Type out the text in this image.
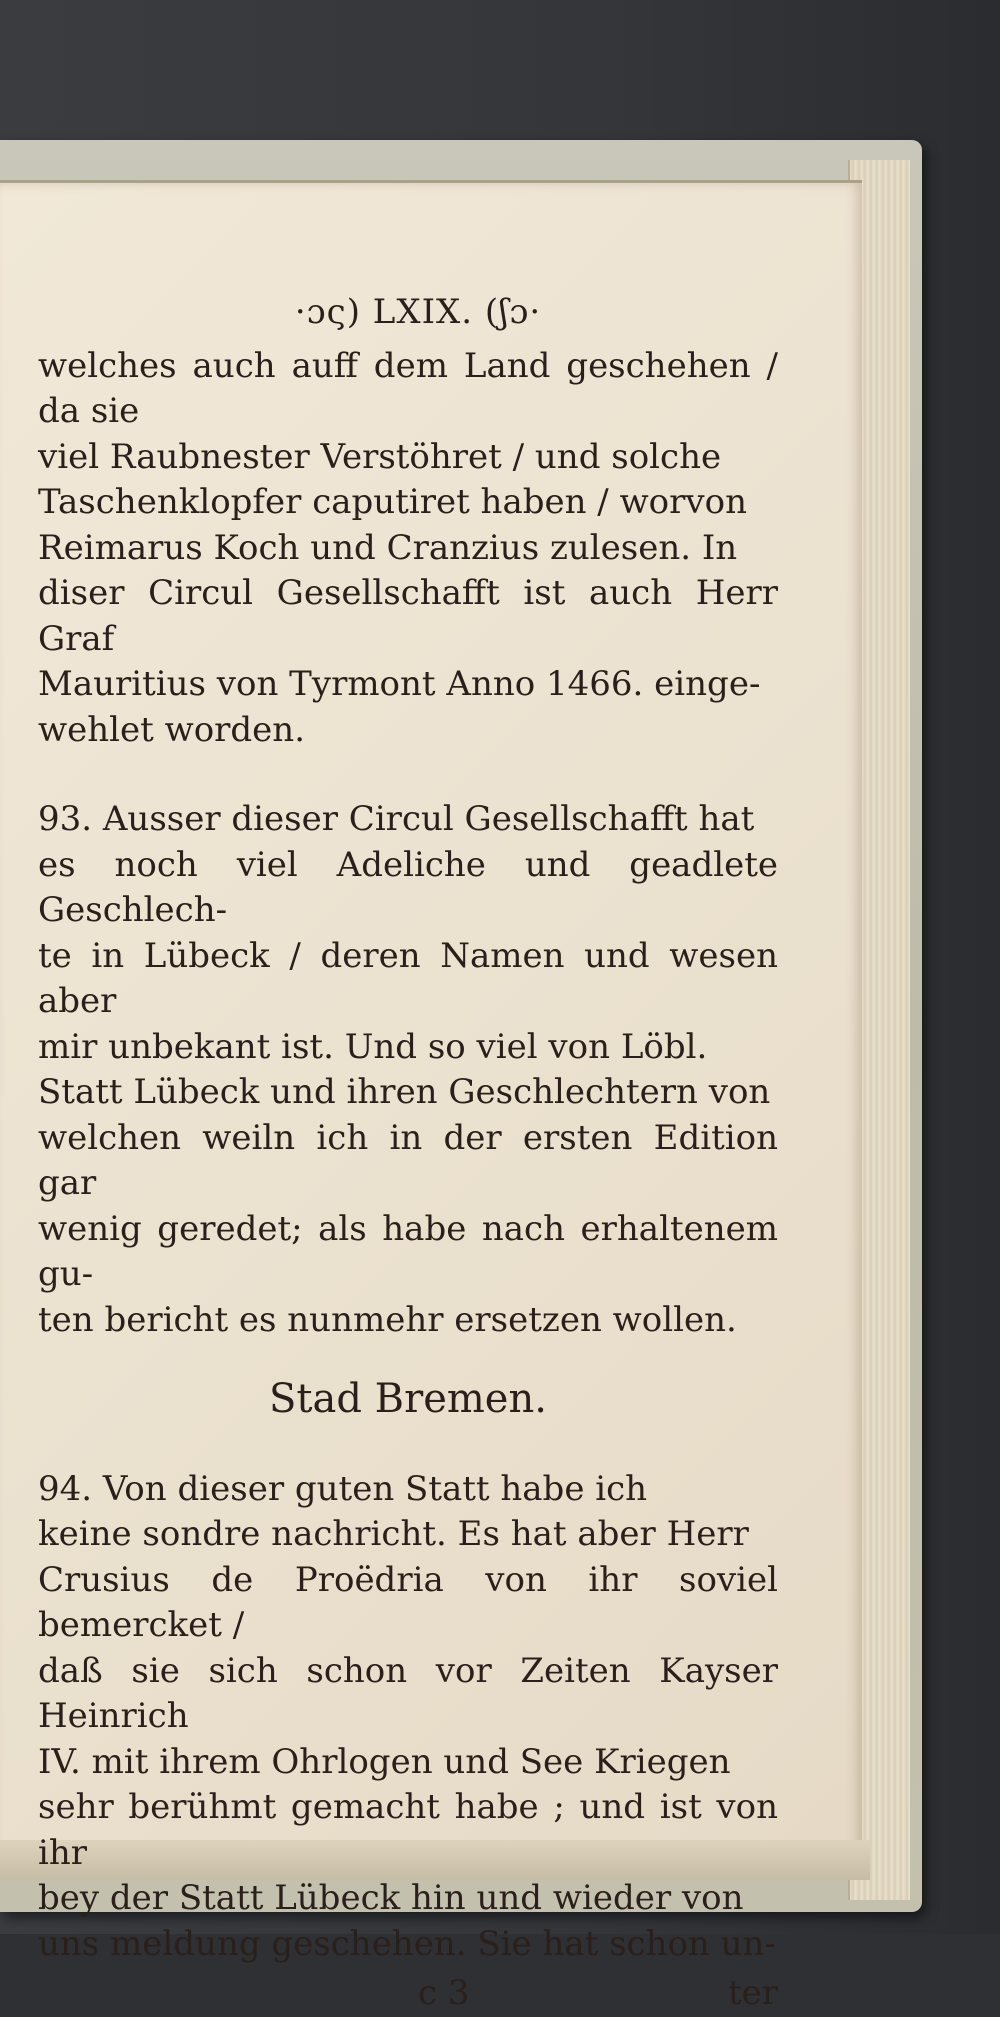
·ɔς) LXIX. (ʃɔ·

welches auch auff dem Land geschehen / da sie
viel Raubnester Verstöhret / und solche
Taschenklopfer caputiret haben / worvon
Reimarus Koch und Cranzius zulesen. In
diser Circul Gesellschafft ist auch Herr Graf
Mauritius von Tyrmont Anno 1466. einge-
wehlet worden.

93. Ausser dieser Circul Gesellschafft hat
es noch viel Adeliche und geadlete Geschlech-
te in Lübeck / deren Namen und wesen aber
mir unbekant ist. Und so viel von Löbl.
Statt Lübeck und ihren Geschlechtern von
welchen weiln ich in der ersten Edition gar
wenig geredet; als habe nach erhaltenem gu-
ten bericht es nunmehr ersetzen wollen.

Stad Bremen.

94. Von dieser guten Statt habe ich
keine sondre nachricht. Es hat aber Herr
Crusius de Proëdria von ihr soviel bemercket /
daß sie sich schon vor Zeiten Kayser Heinrich
IV. mit ihrem Ohrlogen und See Kriegen
sehr berühmt gemacht habe ; und ist von ihr
bey der Statt Lübeck hin und wieder von
uns meldung geschehen. Sie hat schon un-

c 3	ter
